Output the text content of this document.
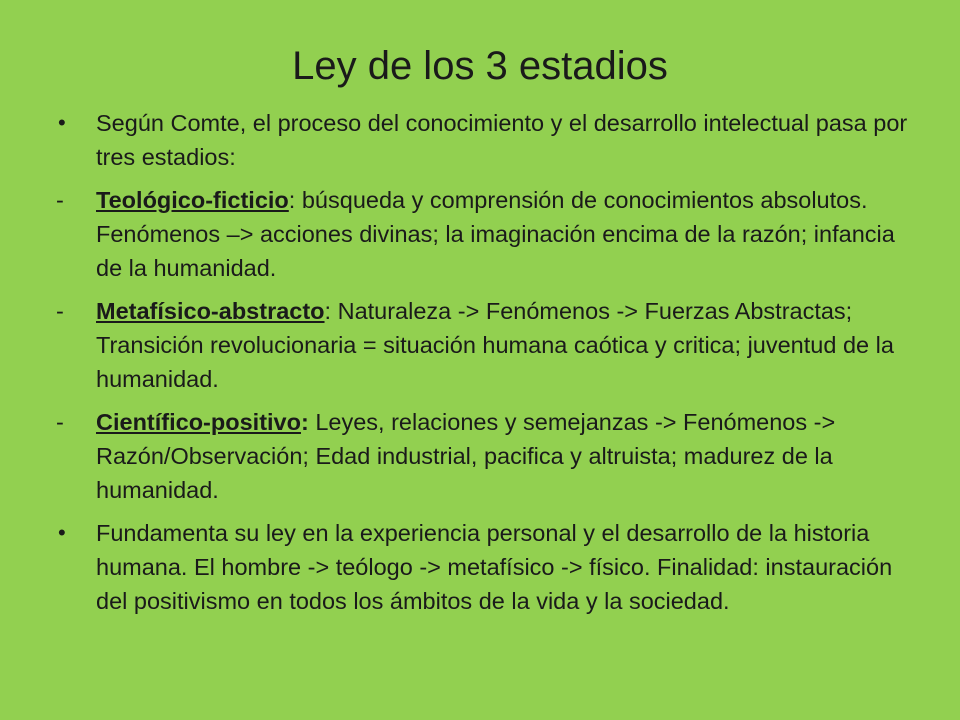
Ley de los 3 estadios
•	Según Comte, el proceso del conocimiento y el desarrollo intelectual pasa por tres estadios:
-	Teológico-ficticio: búsqueda y comprensión de conocimientos absolutos. Fenómenos –> acciones divinas; la imaginación encima de la razón; infancia de la humanidad.
-	Metafísico-abstracto: Naturaleza -> Fenómenos -> Fuerzas Abstractas; Transición revolucionaria = situación humana caótica y critica; juventud de la humanidad.
-	Científico-positivo: Leyes, relaciones y semejanzas -> Fenómenos -> Razón/Observación; Edad industrial, pacifica y altruista; madurez de la humanidad.
•	Fundamenta su ley en la experiencia personal y el desarrollo de la historia humana. El hombre -> teólogo -> metafísico -> físico. Finalidad: instauración del positivismo en todos los ámbitos de la vida y la sociedad.
